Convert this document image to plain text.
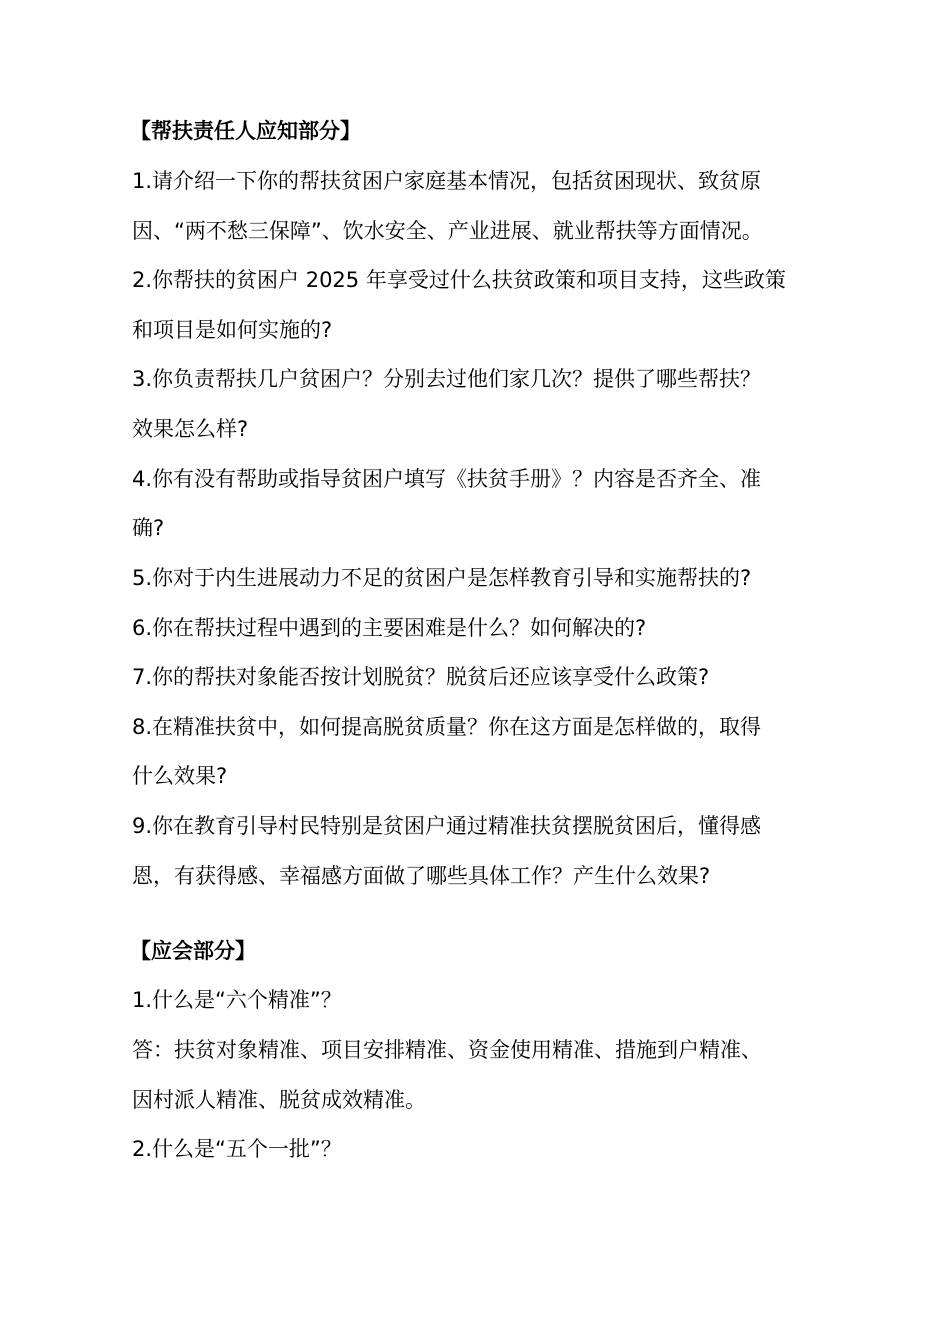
【帮扶责任人应知部分】
1.请介绍一下你的帮扶贫困户家庭基本情况，包括贫困现状、致贫原
因、“两不愁三保障”、饮水安全、产业进展、就业帮扶等方面情况。
2.你帮扶的贫困户 2025 年享受过什么扶贫政策和项目支持，这些政策
和项目是如何实施的?
3.你负责帮扶几户贫困户？分别去过他们家几次？提供了哪些帮扶？
效果怎么样?
4.你有没有帮助或指导贫困户填写《扶贫手册》？内容是否齐全、准
确?
5.你对于内生进展动力不足的贫困户是怎样教育引导和实施帮扶的?
6.你在帮扶过程中遇到的主要困难是什么？如何解决的?
7.你的帮扶对象能否按计划脱贫？脱贫后还应该享受什么政策?
8.在精准扶贫中，如何提高脱贫质量？你在这方面是怎样做的，取得
什么效果?
9.你在教育引导村民特别是贫困户通过精准扶贫摆脱贫困后，懂得感
恩，有获得感、幸福感方面做了哪些具体工作？产生什么效果?
【应会部分】
1.什么是“六个精准”？
答：扶贫对象精准、项目安排精准、资金使用精准、措施到户精准、
因村派人精准、脱贫成效精准。
2.什么是“五个一批”？
